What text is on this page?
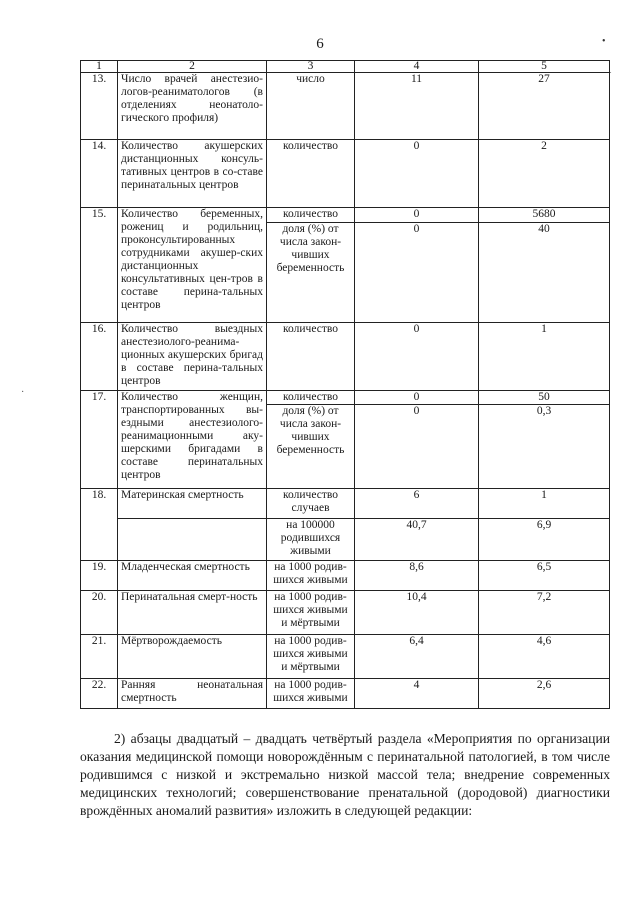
6	•
–
·
1	2	3	4	5
13.	Число врачей анестезио-логов-реаниматологов (в отделениях неонатоло-гического профиля)	число	11	27
14.	Количество акушерских дистанционных консуль-тативных центров в со-ставе перинатальных центров	количество	0	2
15.	Количество беременных, рожениц и родильниц, проконсультированных сотрудниками акушер-ских дистанционных консультативных цен-тров в составе перина-тальных центров	количество	0	5680
		доля (%) от числа закон-чивших беременность	0	40
16.	Количество выездных анестезиолого-реанима-ционных акушерских бригад в составе перина-тальных центров	количество	0	1
17.	Количество женщин, транспортированных вы-ездными анестезиолого-реанимационными аку-шерскими бригадами в составе перинатальных центров	количество	0	50
		доля (%) от числа закон-чивших беременность	0	0,3
18.	Материнская смертность	количество случаев	6	1
		на 100000 родившихся живыми	40,7	6,9
19.	Младенческая смертность	на 1000 родив-шихся живыми	8,6	6,5
20.	Перинатальная смерт-ность	на 1000 родив-шихся живыми и мёртвыми	10,4	7,2
21.	Мёртворождаемость	на 1000 родив-шихся живыми и мёртвыми	6,4	4,6
22.	Ранняя неонатальная смертность	на 1000 родив-шихся живыми	4	2,6

2) абзацы двадцатый – двадцать четвёртый раздела «Мероприятия по организации оказания медицинской помощи новорождённым с перинатальной патологией, в том числе родившимся с низкой и экстремально низкой массой тела; внедрение современных медицинских технологий; совершенствование пренатальной (дородовой) диагностики врождённых аномалий развития» изложить в следующей редакции:
